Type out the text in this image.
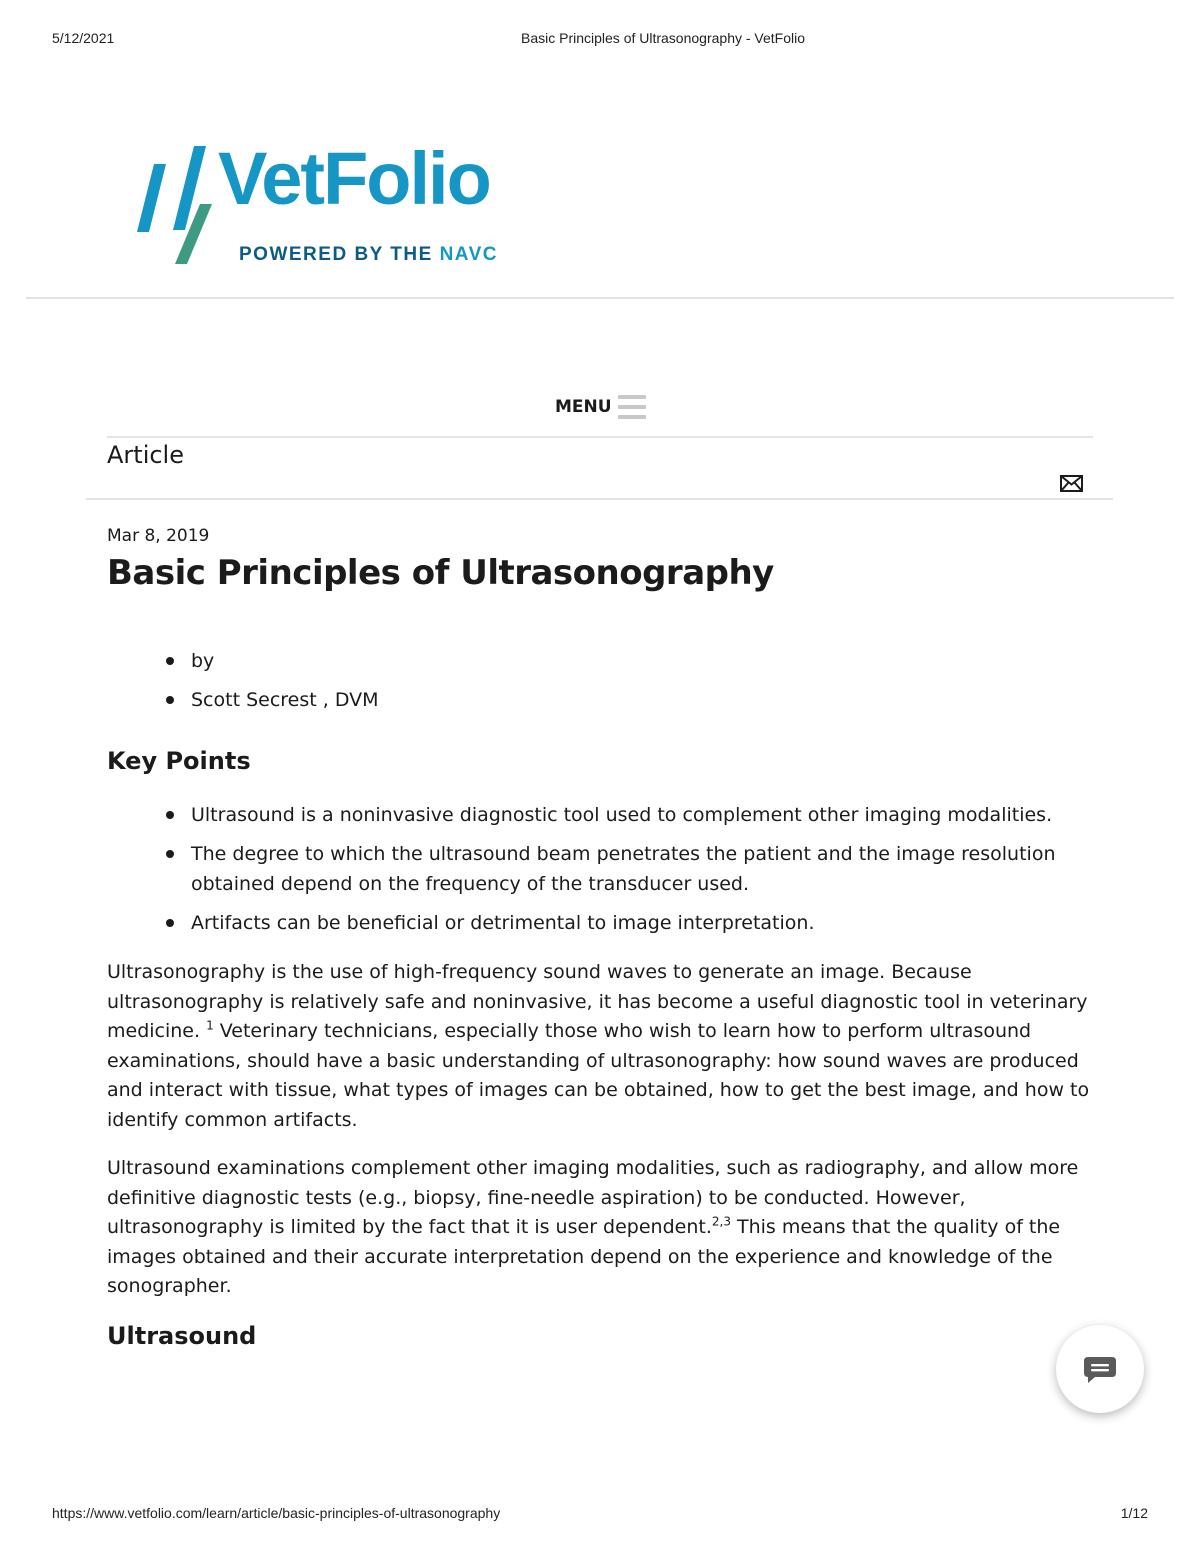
5/12/2021	Basic Principles of Ultrasonography - VetFolio
VetFolio
POWERED BY THE NAVC
MENU
Article
Mar 8, 2019
Basic Principles of Ultrasonography
by
Scott Secrest , DVM
Key Points
Ultrasound is a noninvasive diagnostic tool used to complement other imaging modalities.
The degree to which the ultrasound beam penetrates the patient and the image resolution obtained depend on the frequency of the transducer used.
Artifacts can be beneficial or detrimental to image interpretation.

Ultrasonography is the use of high-frequency sound waves to generate an image. Because ultrasonography is relatively safe and noninvasive, it has become a useful diagnostic tool in veterinary medicine. $^1$ Veterinary technicians, especially those who wish to learn how to perform ultrasound examinations, should have a basic understanding of ultrasonography: how sound waves are produced and interact with tissue, what types of images can be obtained, how to get the best image, and how to identify common artifacts.

Ultrasound examinations complement other imaging modalities, such as radiography, and allow more definitive diagnostic tests (e.g., biopsy, fine-needle aspiration) to be conducted. However, ultrasonography is limited by the fact that it is user dependent.$^{2,3}$ This means that the quality of the images obtained and their accurate interpretation depend on the experience and knowledge of the sonographer.

Ultrasound
https://www.vetfolio.com/learn/article/basic-principles-of-ultrasonography	1/12
